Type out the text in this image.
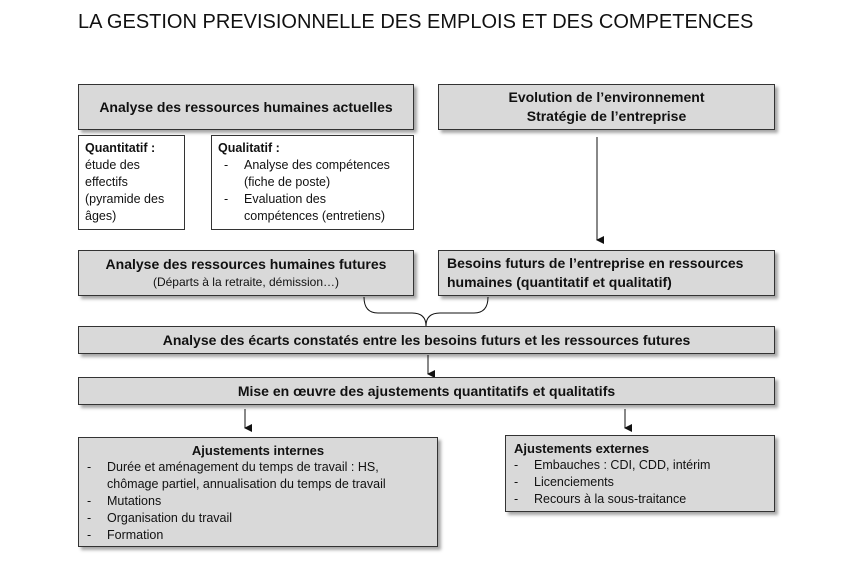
LA GESTION PREVISIONNELLE DES EMPLOIS ET DES COMPETENCES
Analyse des ressources humaines actuelles
Evolution de l’environnement
Stratégie de l’entreprise
Quantitatif :
étude des
effectifs
(pyramide des
âges)
Qualitatif :
- Analyse des compétences
(fiche de poste)
- Evaluation des
compétences (entretiens)
Analyse des ressources humaines futures
(Départs à la retraite, démission…)
Besoins futurs de l’entreprise en ressources
humaines (quantitatif et qualitatif)
Analyse des écarts constatés entre les besoins futurs et les ressources futures
Mise en œuvre des ajustements quantitatifs et qualitatifs
Ajustements internes
- Durée et aménagement du temps de travail : HS,
chômage partiel, annualisation du temps de travail
- Mutations
- Organisation du travail
- Formation
Ajustements externes
- Embauches : CDI, CDD, intérim
- Licenciements
- Recours à la sous-traitance
